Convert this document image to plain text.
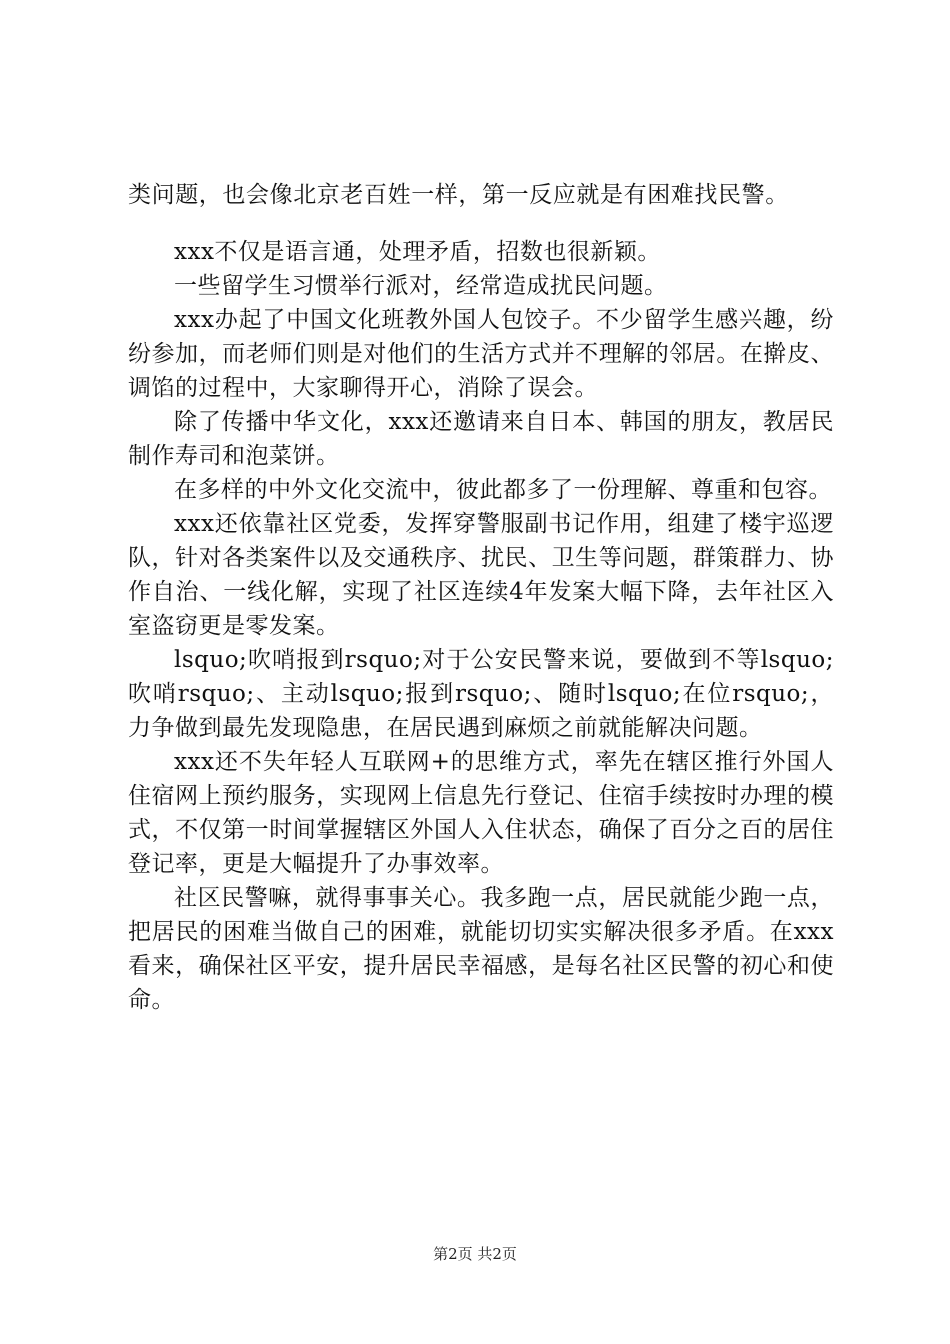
类问题，也会像北京老百姓一样，第一反应就是有困难找民警。

xxx不仅是语言通，处理矛盾，招数也很新颖。

一些留学生习惯举行派对，经常造成扰民问题。

xxx办起了中国文化班教外国人包饺子。不少留学生感兴趣，纷纷参加，而老师们则是对他们的生活方式并不理解的邻居。在擀皮、调馅的过程中，大家聊得开心，消除了误会。

除了传播中华文化，xxx还邀请来自日本、韩国的朋友，教居民制作寿司和泡菜饼。

在多样的中外文化交流中，彼此都多了一份理解、尊重和包容。

xxx还依靠社区党委，发挥穿警服副书记作用，组建了楼宇巡逻队，针对各类案件以及交通秩序、扰民、卫生等问题，群策群力、协作自治、一线化解，实现了社区连续4年发案大幅下降，去年社区入室盗窃更是零发案。

lsquo;吹哨报到rsquo;对于公安民警来说，要做到不等lsquo;吹哨rsquo;、主动lsquo;报到rsquo;、随时lsquo;在位rsquo;，力争做到最先发现隐患，在居民遇到麻烦之前就能解决问题。

xxx还不失年轻人互联网+的思维方式，率先在辖区推行外国人住宿网上预约服务，实现网上信息先行登记、住宿手续按时办理的模式，不仅第一时间掌握辖区外国人入住状态，确保了百分之百的居住登记率，更是大幅提升了办事效率。

社区民警嘛，就得事事关心。我多跑一点，居民就能少跑一点，把居民的困难当做自己的困难，就能切切实实解决很多矛盾。在xxx看来，确保社区平安，提升居民幸福感，是每名社区民警的初心和使命。

第2页 共2页
